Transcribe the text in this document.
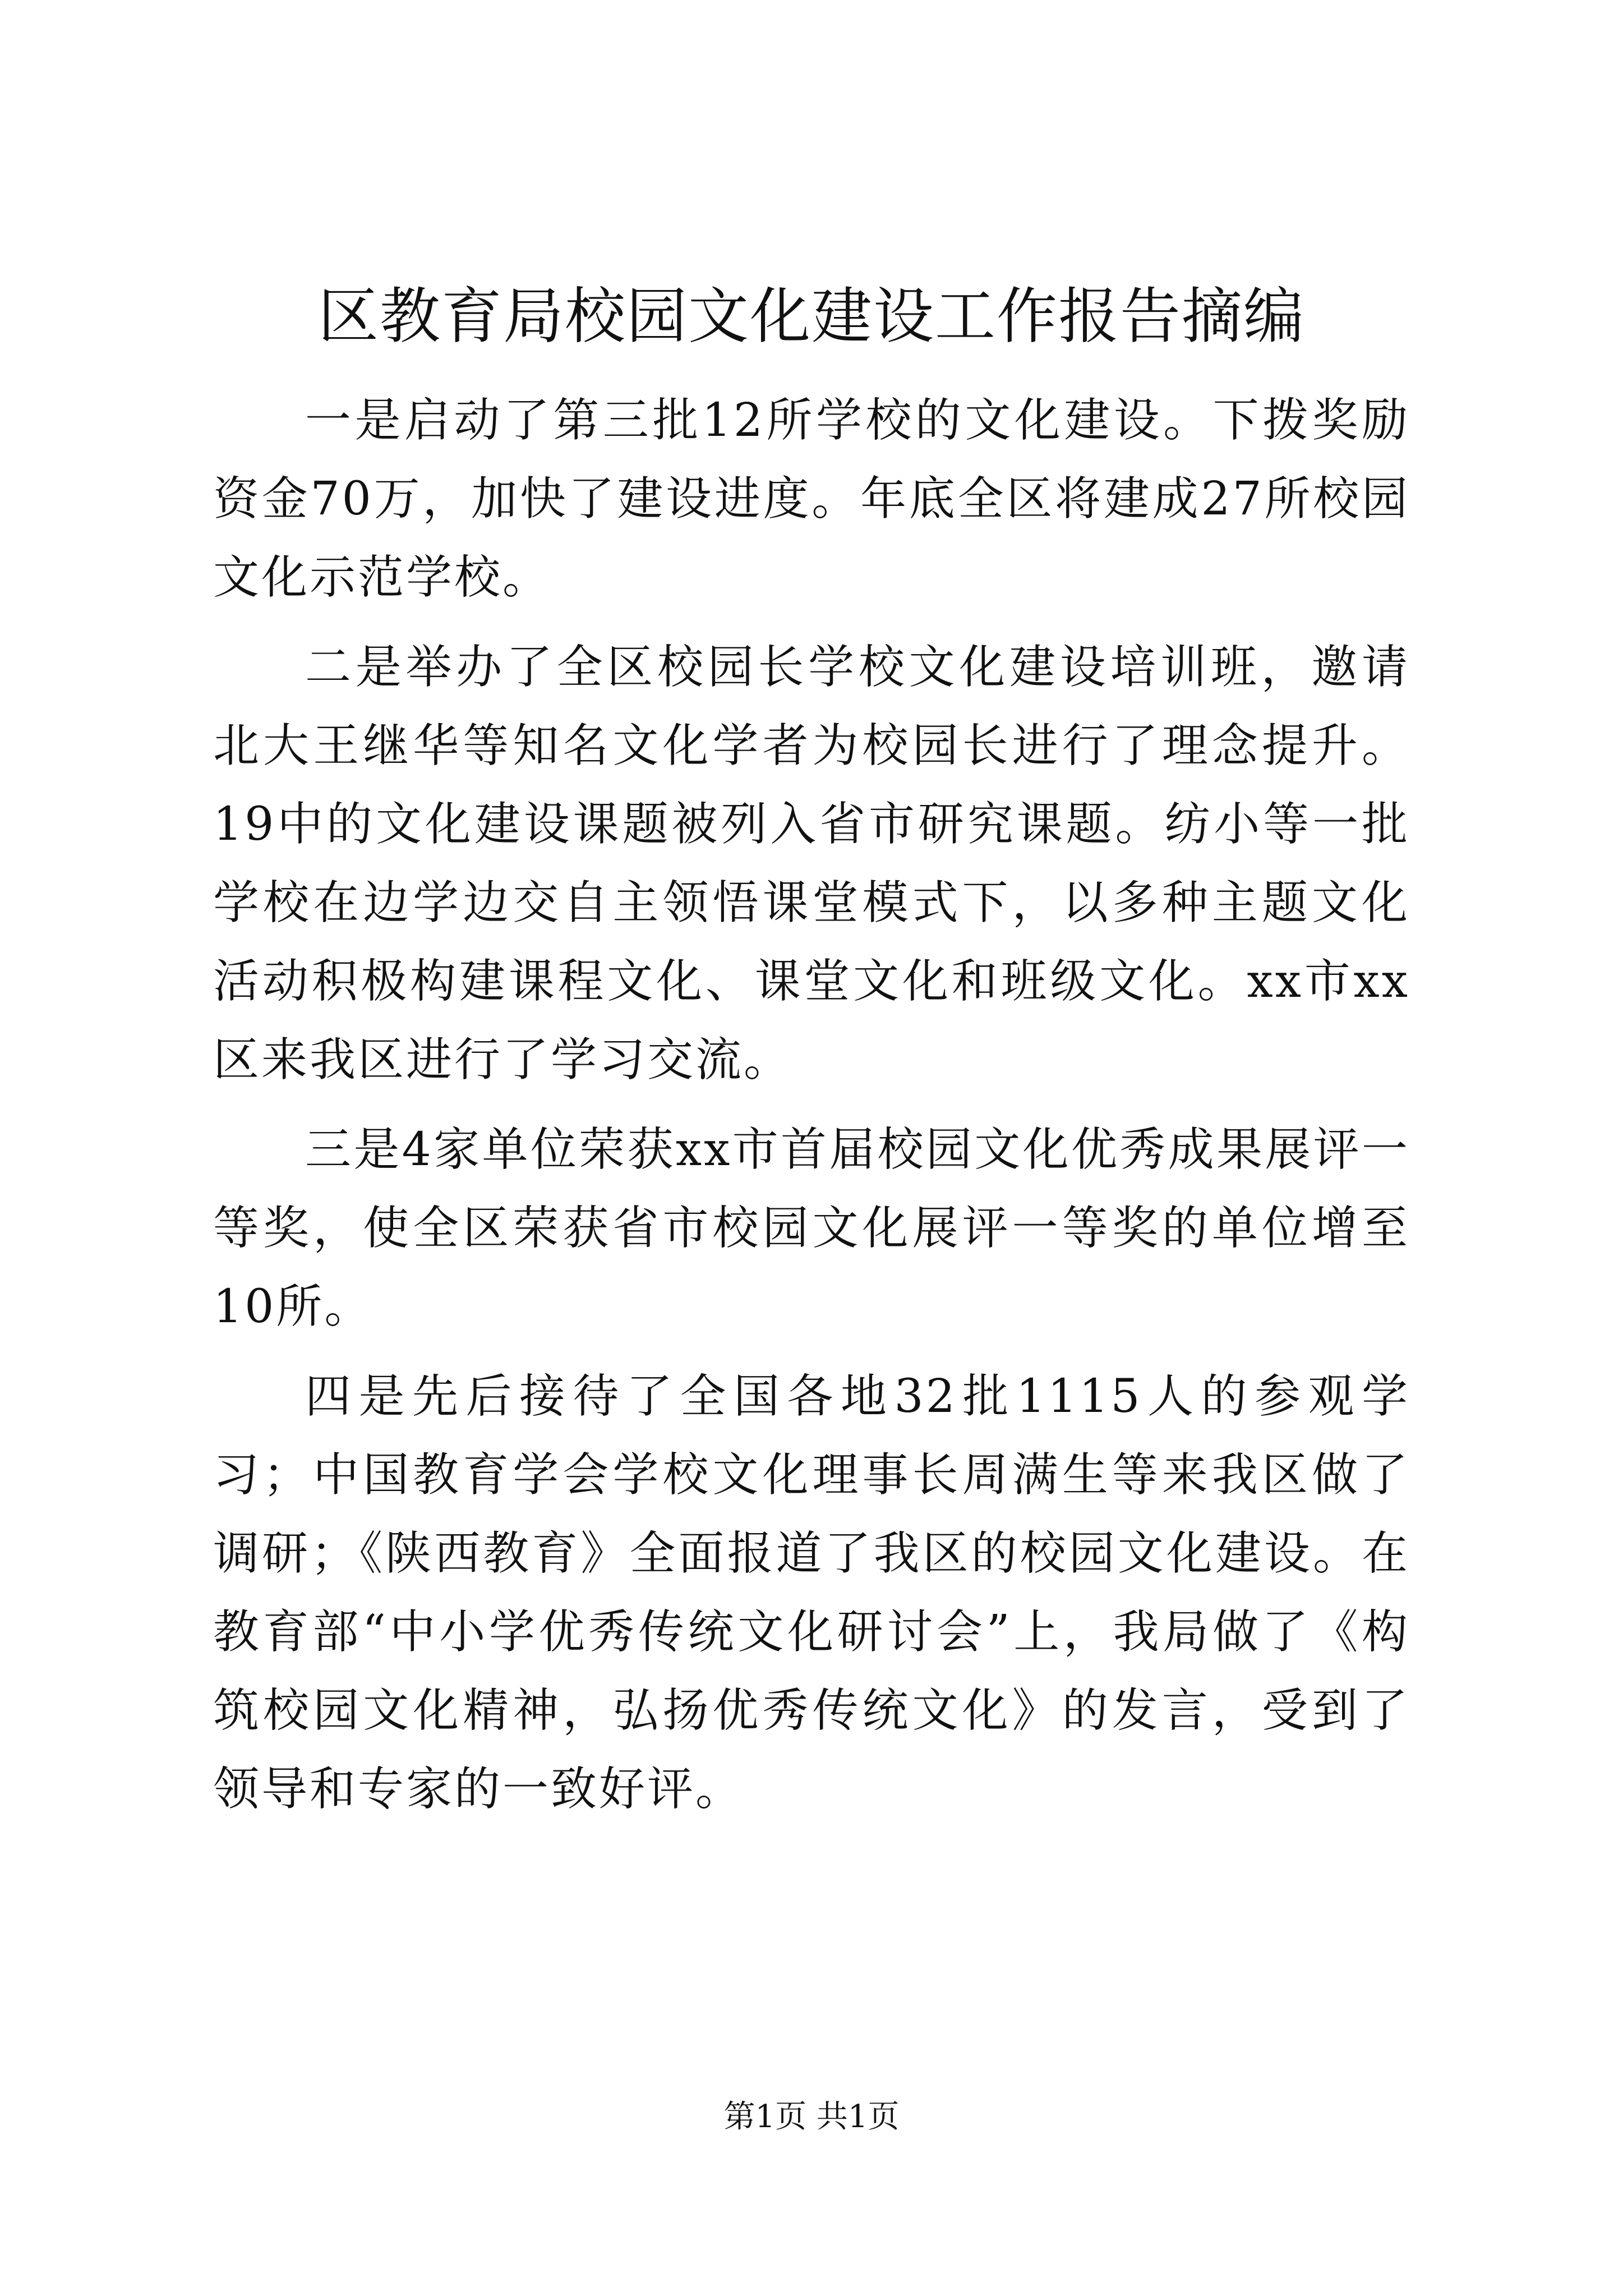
区教育局校园文化建设工作报告摘编

一是启动了第三批12所学校的文化建设。下拨奖励资金70万，加快了建设进度。年底全区将建成27所校园文化示范学校。

二是举办了全区校园长学校文化建设培训班，邀请北大王继华等知名文化学者为校园长进行了理念提升。19中的文化建设课题被列入省市研究课题。纺小等一批学校在边学边交自主领悟课堂模式下，以多种主题文化活动积极构建课程文化、课堂文化和班级文化。xx市xx区来我区进行了学习交流。

三是4家单位荣获xx市首届校园文化优秀成果展评一等奖，使全区荣获省市校园文化展评一等奖的单位增至10所。

四是先后接待了全国各地32批1115人的参观学习；中国教育学会学校文化理事长周满生等来我区做了调研；《陕西教育》全面报道了我区的校园文化建设。在教育部“中小学优秀传统文化研讨会”上，我局做了《构筑校园文化精神，弘扬优秀传统文化》的发言，受到了领导和专家的一致好评。

第1页 共1页
